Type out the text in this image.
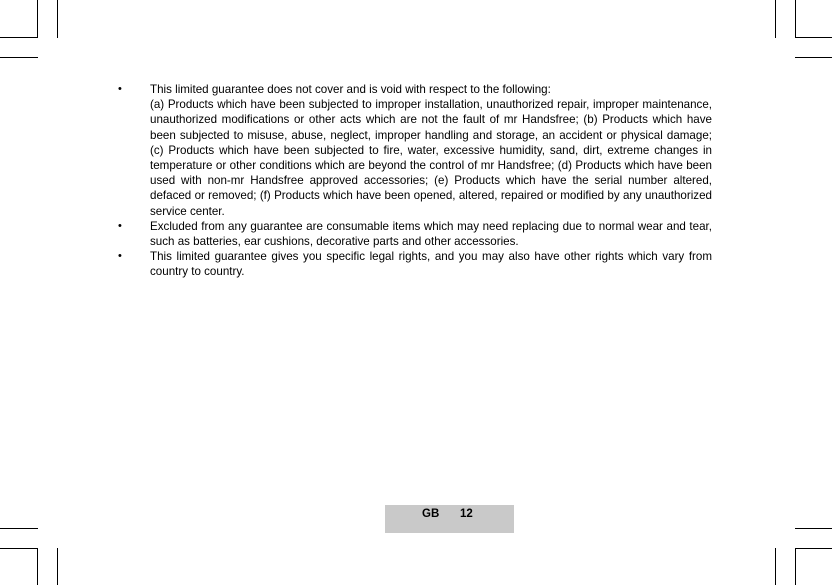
• This limited guarantee does not cover and is void with respect to the following:
(a) Products which have been subjected to improper installation, unauthorized repair, improper maintenance, unauthorized modifications or other acts which are not the fault of mr Handsfree; (b) Products which have been subjected to misuse, abuse, neglect, improper handling and storage, an accident or physical damage; (c) Products which have been subjected to fire, water, excessive humidity, sand, dirt, extreme changes in temperature or other conditions which are beyond the control of mr Handsfree; (d) Products which have been used with non-mr Handsfree approved accessories; (e) Products which have the serial number altered, defaced or removed; (f) Products which have been opened, altered, repaired or modified by any unauthorized service center.
• Excluded from any guarantee are consumable items which may need replacing due to normal wear and tear, such as batteries, ear cushions, decorative parts and other accessories.
• This limited guarantee gives you specific legal rights, and you may also have other rights which vary from country to country.
GB 12
